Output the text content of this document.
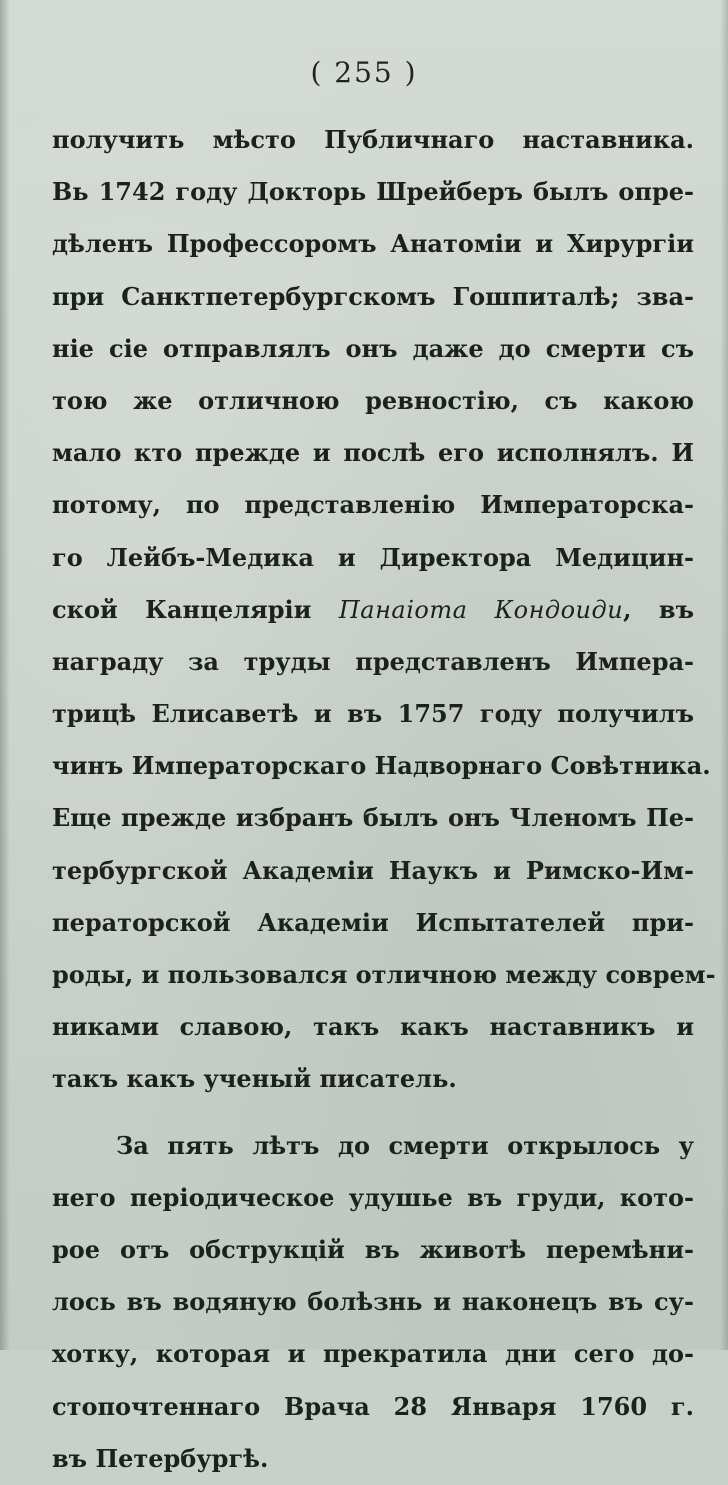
( 255 )
получить мѣсто Публичнаго наставника.
Вь 1742 году Докторь Шрейберъ былъ опре-
дѣленъ Профессоромъ Анатоміи и Хирургіи
при Санктпетербургскомъ Гошпиталѣ; зва-
ніе сіе отправлялъ онъ даже до смерти съ
тою же отличною ревностію, съ какою
мало кто прежде и послѣ его исполнялъ. И
потому, по представленію Императорска-
го Лейбъ-Медика и Директора Медицин-
ской Канцеляріи Панаіота Кондоиди, въ
награду за труды представленъ Импера-
трицѣ Елисаветѣ и въ 1757 году получилъ
чинъ Императорскаго Надворнаго Совѣтника.
Еще прежде избранъ былъ онъ Членомъ Пе-
тербургской Академіи Наукъ и Римско-Им-
ператорской Академіи Испытателей при-
роды, и пользовался отличною между соврем-
никами славою, такъ какъ наставникъ и
такъ какъ ученый писатель.
За пять лѣтъ до смерти открылось у
него періодическое удушье въ груди, кото-
рое отъ обструкцій въ животѣ перемѣни-
лось въ водяную болѣзнь и наконецъ въ су-
хотку, которая и прекратила дни сего до-
стопочтеннаго Врача 28 Января 1760 г.
въ Петербургѣ.
